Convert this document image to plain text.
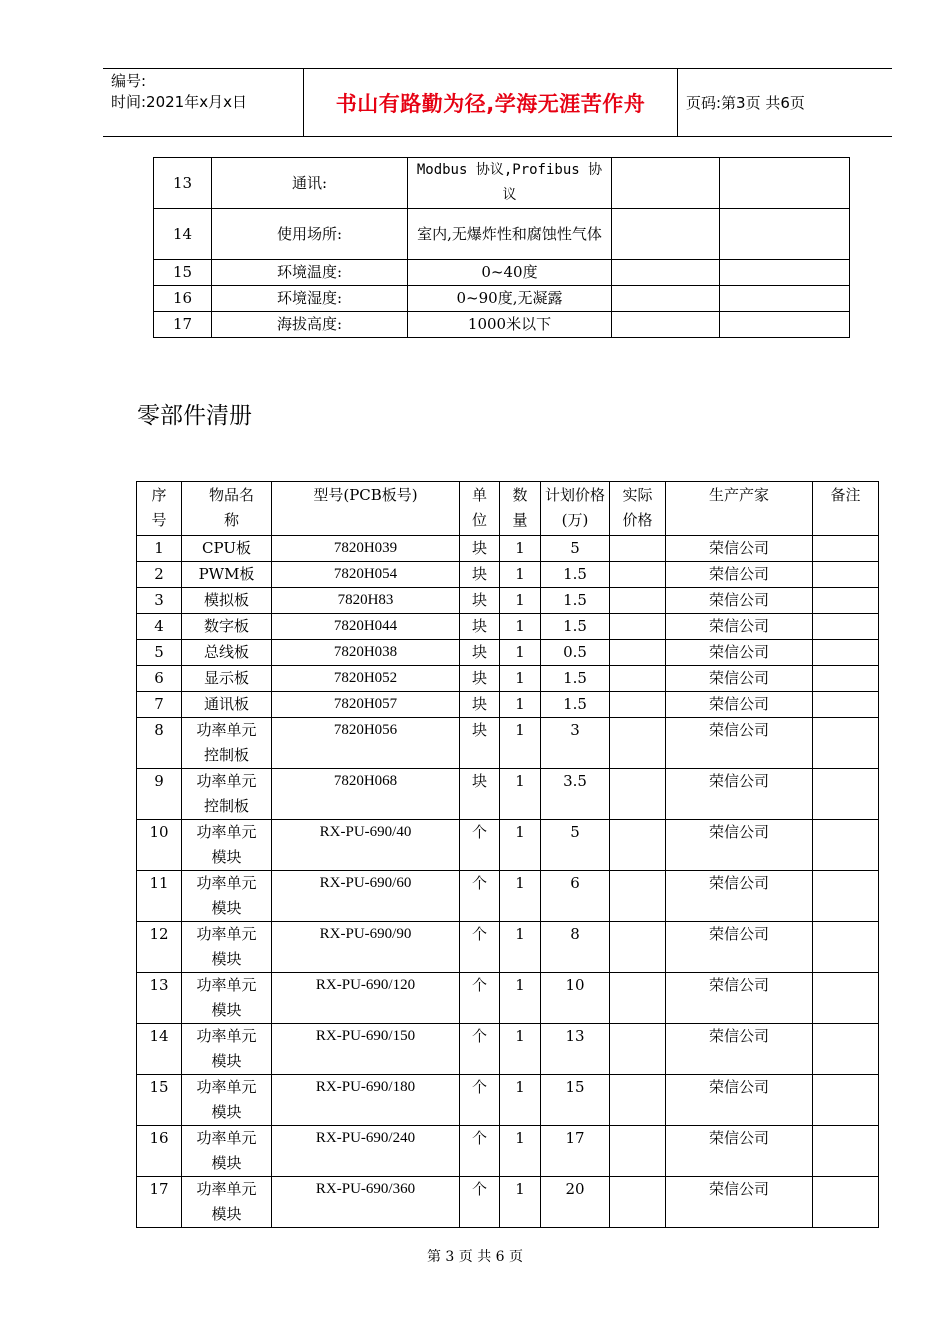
编号:
时间:2021年x月x日	书山有路勤为径,学海无涯苦作舟	页码:第3页 共6页
13	通讯:	Modbus 协议,Profibus 协议		
14	使用场所:	室内,无爆炸性和腐蚀性气体		
15	环境温度:	0~40度		
16	环境湿度:	0~90度,无凝露		
17	海拔高度:	1000米以下		
零部件清册
序号	物品名称	型号(PCB板号)	单位	数量	计划价格(万)	实际价格	生产产家	备注
1	CPU板	7820H039	块	1	5		荣信公司	
2	PWM板	7820H054	块	1	1.5		荣信公司	
3	模拟板	7820H83	块	1	1.5		荣信公司	
4	数字板	7820H044	块	1	1.5		荣信公司	
5	总线板	7820H038	块	1	0.5		荣信公司	
6	显示板	7820H052	块	1	1.5		荣信公司	
7	通讯板	7820H057	块	1	1.5		荣信公司	
8	功率单元控制板	7820H056	块	1	3		荣信公司	
9	功率单元控制板	7820H068	块	1	3.5		荣信公司	
10	功率单元模块	RX-PU-690/40	个	1	5		荣信公司	
11	功率单元模块	RX-PU-690/60	个	1	6		荣信公司	
12	功率单元模块	RX-PU-690/90	个	1	8		荣信公司	
13	功率单元模块	RX-PU-690/120	个	1	10		荣信公司	
14	功率单元模块	RX-PU-690/150	个	1	13		荣信公司	
15	功率单元模块	RX-PU-690/180	个	1	15		荣信公司	
16	功率单元模块	RX-PU-690/240	个	1	17		荣信公司	
17	功率单元模块	RX-PU-690/360	个	1	20		荣信公司	
第 3 页 共 6 页
